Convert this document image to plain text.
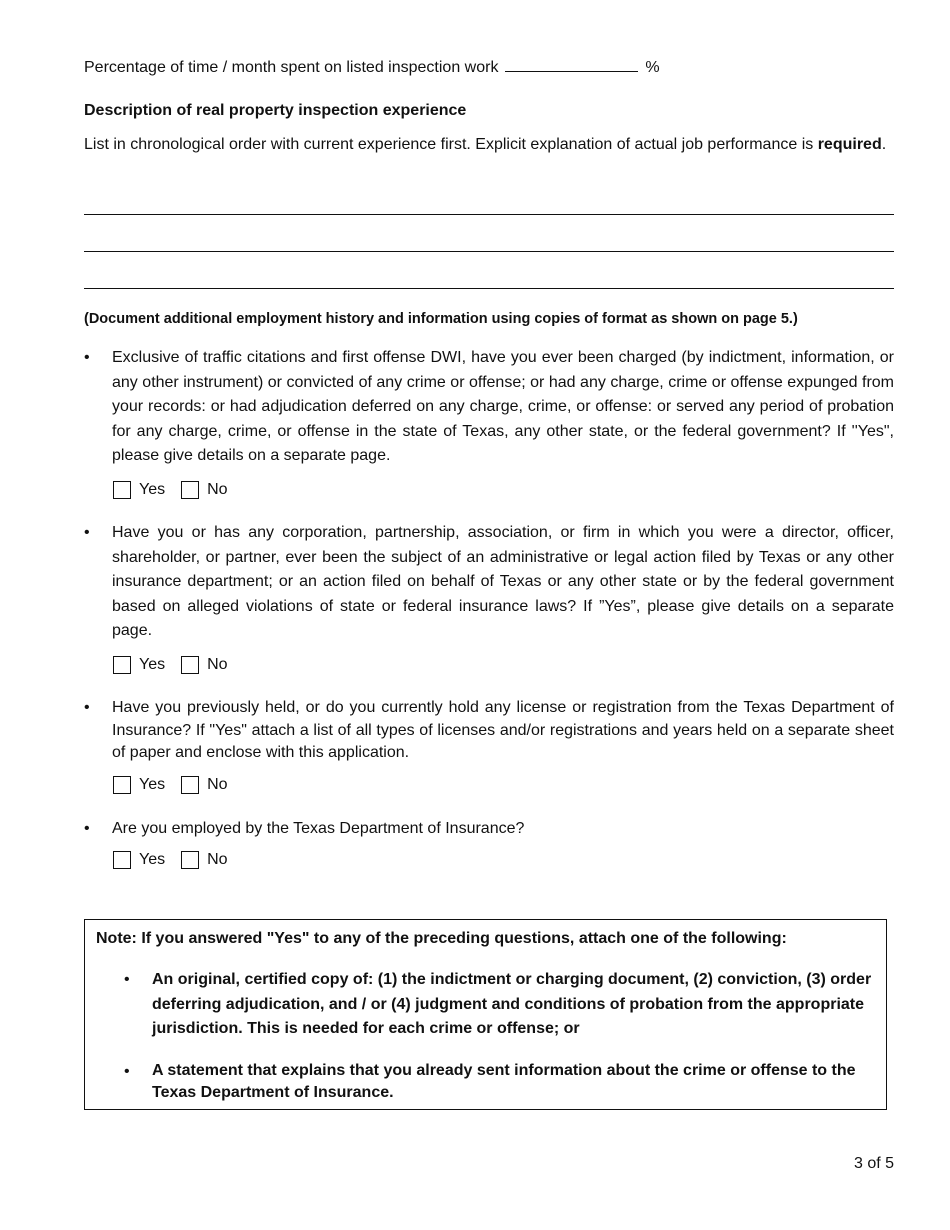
Percentage of time / month spent on listed inspection work	%
Description of real property inspection experience
List in chronological order with current experience first. Explicit explanation of actual job performance is required.
(Document additional employment history and information using copies of format as shown on page 5.)
• Exclusive of traffic citations and first offense DWI, have you ever been charged (by indictment, information, or any other instrument) or convicted of any crime or offense; or had any charge, crime or offense expunged from your records: or had adjudication deferred on any charge, crime, or offense: or served any period of probation for any charge, crime, or offense in the state of Texas, any other state, or the federal government? If ''Yes", please give details on a separate page.
Yes	No
• Have you or has any corporation, partnership, association, or firm in which you were a director, officer, shareholder, or partner, ever been the subject of an administrative or legal action filed by Texas or any other insurance department; or an action filed on behalf of Texas or any other state or by the federal government based on alleged violations of state or federal insurance laws? If ”Yes”, please give details on a separate page.
Yes	No
• Have you previously held, or do you currently hold any license or registration from the Texas Department of Insurance? If "Yes" attach a list of all types of licenses and/or registrations and years held on a separate sheet of paper and enclose with this application.
Yes	No
• Are you employed by the Texas Department of Insurance?
Yes	No
Note: If you answered "Yes" to any of the preceding questions, attach one of the following:
• An original, certified copy of: (1) the indictment or charging document, (2) conviction, (3) order deferring adjudication, and / or (4) judgment and conditions of probation from the appropriate jurisdiction. This is needed for each crime or offense; or
• A statement that explains that you already sent information about the crime or offense to the Texas Department of Insurance.
3 of 5
